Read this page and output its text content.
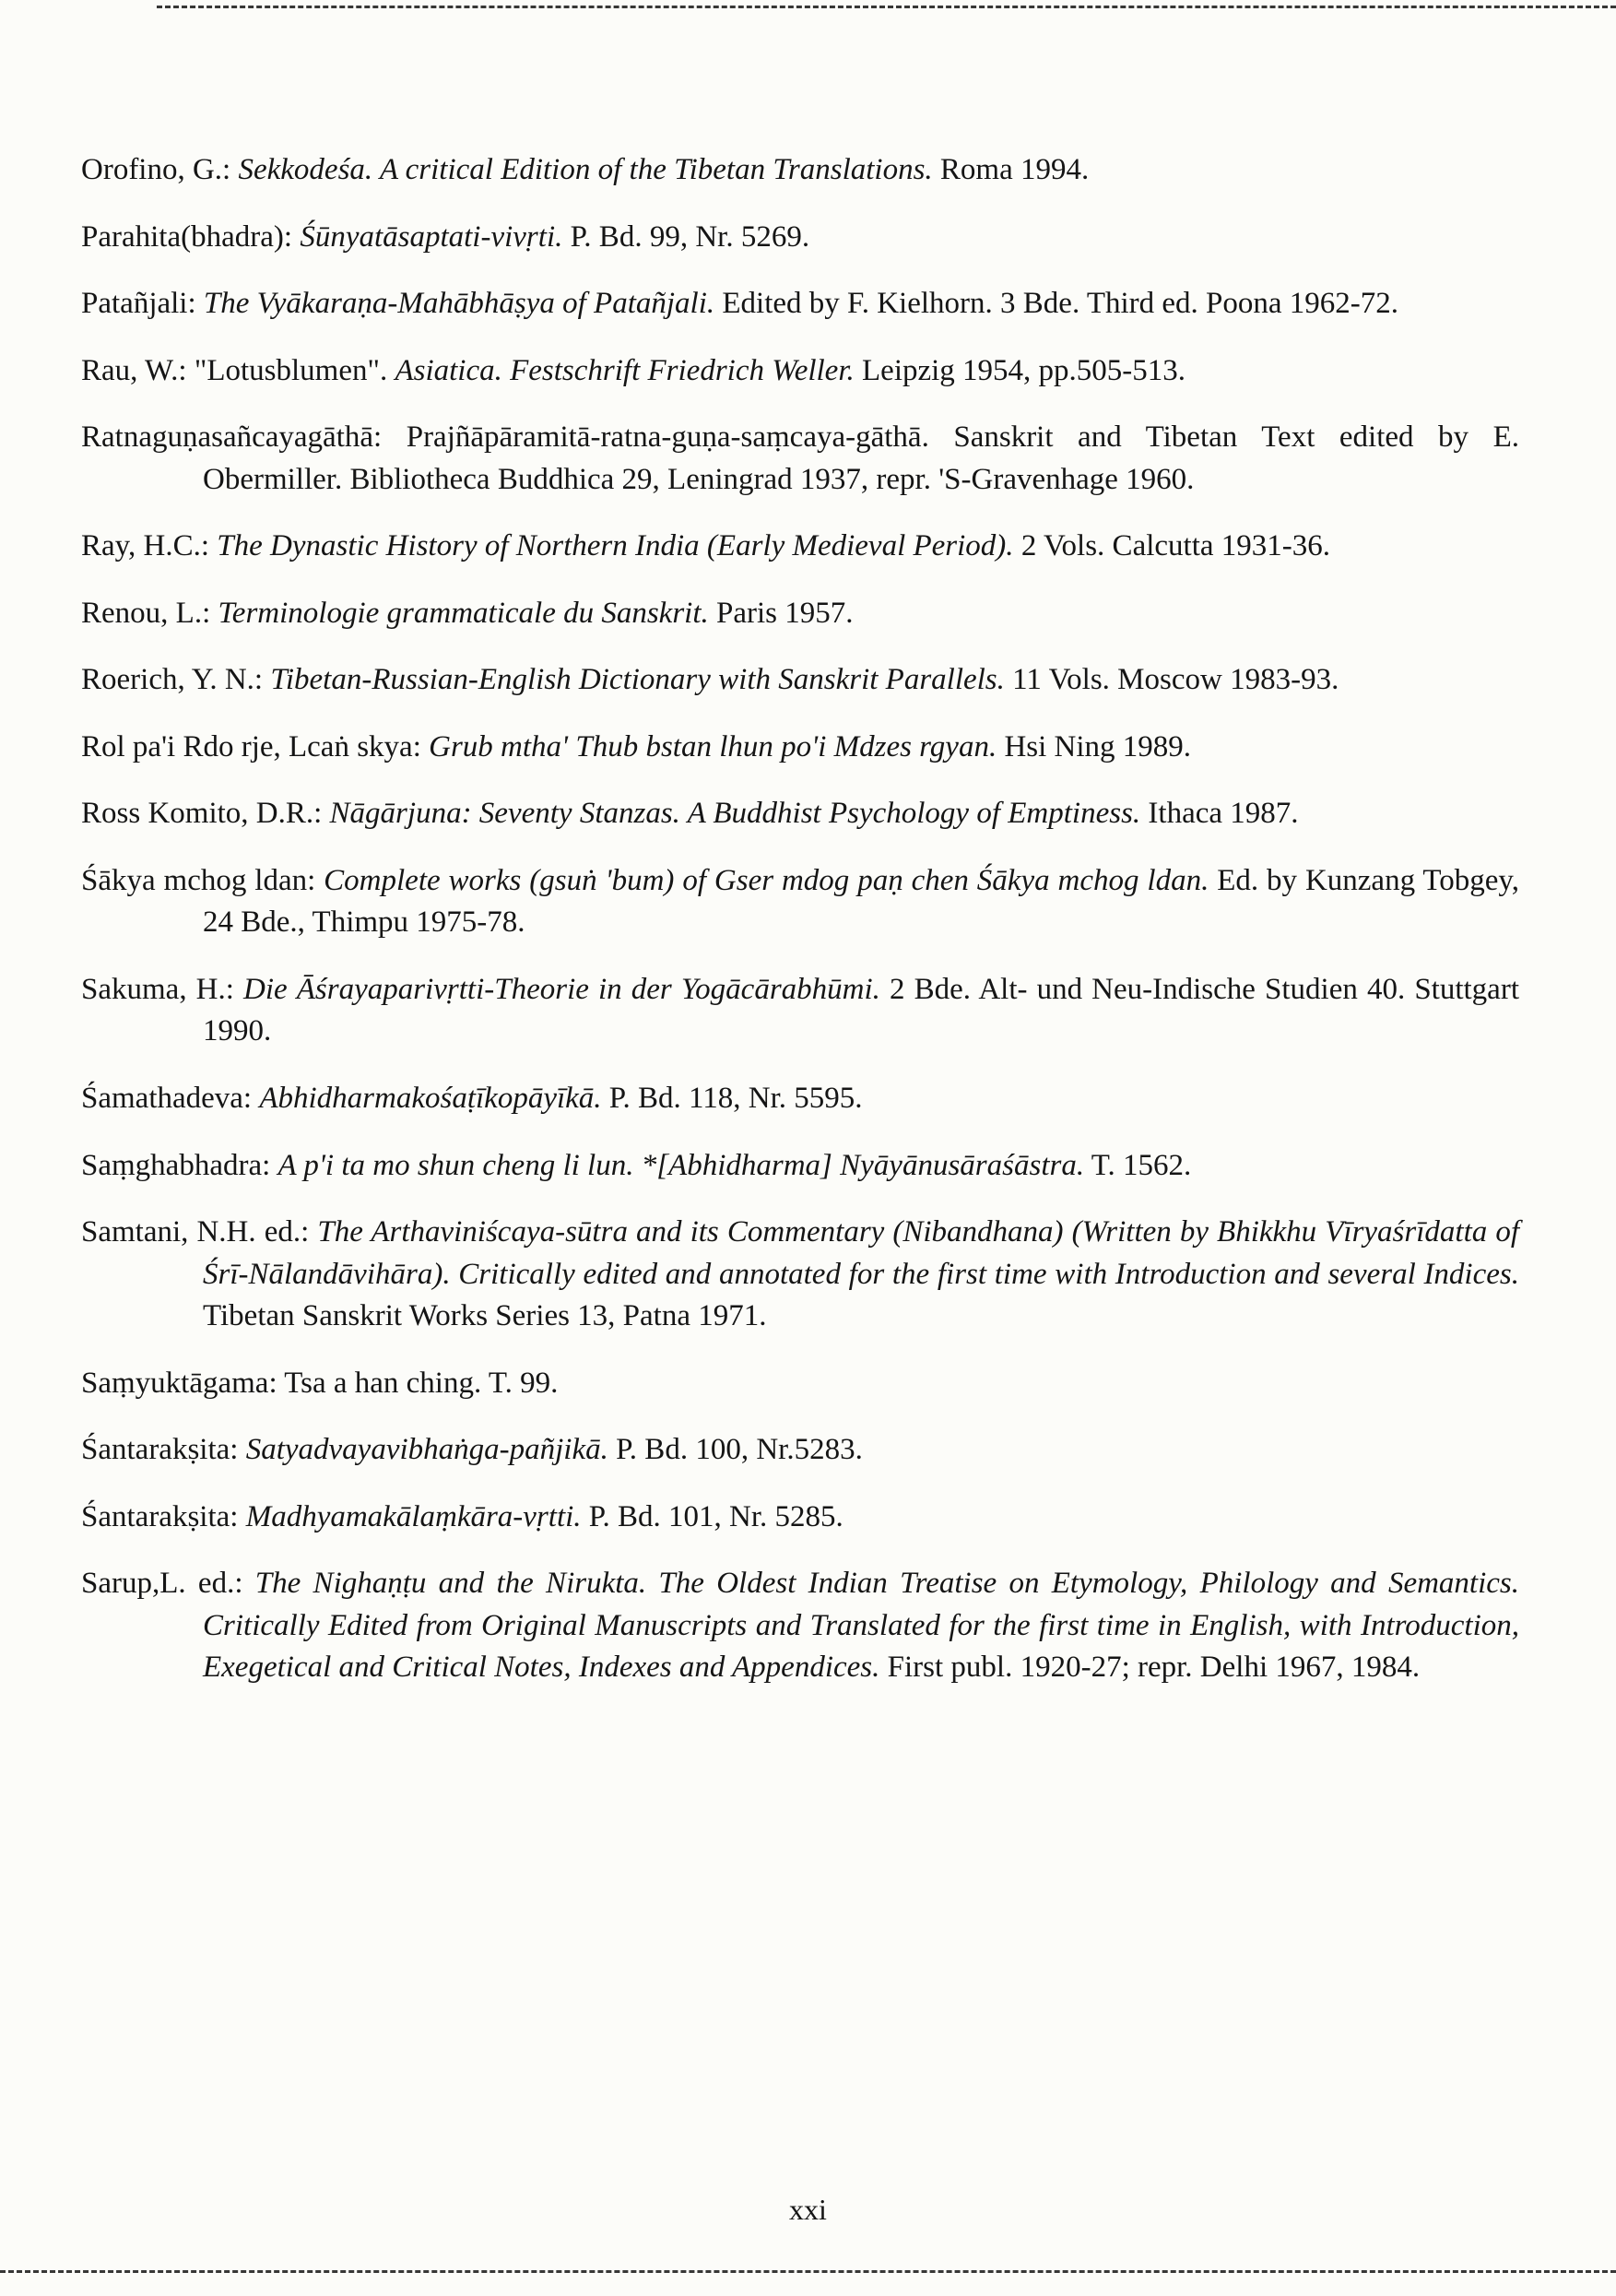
Orofino, G.: Sekkodeśa. A critical Edition of the Tibetan Translations. Roma 1994.

Parahita(bhadra): Śūnyatāsaptati-vivṛti. P. Bd. 99, Nr. 5269.

Patañjali: The Vyākaraṇa-Mahābhāṣya of Patañjali. Edited by F. Kielhorn. 3 Bde. Third ed. Poona 1962-72.

Rau, W.: "Lotusblumen". Asiatica. Festschrift Friedrich Weller. Leipzig 1954, pp.505-513.

Ratnaguṇasañcayagāthā: Prajñāpāramitā-ratna-guṇa-saṃcaya-gāthā. Sanskrit and Tibetan Text edited by E. Obermiller. Bibliotheca Buddhica 29, Leningrad 1937, repr. 'S-Gravenhage 1960.

Ray, H.C.: The Dynastic History of Northern India (Early Medieval Period). 2 Vols. Calcutta 1931-36.

Renou, L.: Terminologie grammaticale du Sanskrit. Paris 1957.

Roerich, Y. N.: Tibetan-Russian-English Dictionary with Sanskrit Parallels. 11 Vols. Moscow 1983-93.

Rol pa'i Rdo rje, Lcaṅ skya: Grub mtha' Thub bstan lhun po'i Mdzes rgyan. Hsi Ning 1989.

Ross Komito, D.R.: Nāgārjuna: Seventy Stanzas. A Buddhist Psychology of Emptiness. Ithaca 1987.

Śākya mchog ldan: Complete works (gsuṅ 'bum) of Gser mdog paṇ chen Śākya mchog ldan. Ed. by Kunzang Tobgey, 24 Bde., Thimpu 1975-78.

Sakuma, H.: Die Āśrayaparivṛtti-Theorie in der Yogācārabhūmi. 2 Bde. Alt- und Neu-Indische Studien 40. Stuttgart 1990.

Śamathadeva: Abhidharmakośaṭīkopāyīkā. P. Bd. 118, Nr. 5595.

Saṃghabhadra: A p'i ta mo shun cheng li lun. *[Abhidharma] Nyāyānusāraśāstra. T. 1562.

Samtani, N.H. ed.: The Arthaviniścaya-sūtra and its Commentary (Nibandhana) (Written by Bhikkhu Vīryaśrīdatta of Śrī-Nālandāvihāra). Critically edited and annotated for the first time with Introduction and several Indices. Tibetan Sanskrit Works Series 13, Patna 1971.

Saṃyuktāgama: Tsa a han ching. T. 99.

Śantarakṣita: Satyadvayavibhaṅga-pañjikā. P. Bd. 100, Nr.5283.

Śantarakṣita: Madhyamakālaṃkāra-vṛtti. P. Bd. 101, Nr. 5285.

Sarup,L. ed.: The Nighaṇṭu and the Nirukta. The Oldest Indian Treatise on Etymology, Philology and Semantics. Critically Edited from Original Manuscripts and Translated for the first time in English, with Introduction, Exegetical and Critical Notes, Indexes and Appendices. First publ. 1920-27; repr. Delhi 1967, 1984.

xxi
